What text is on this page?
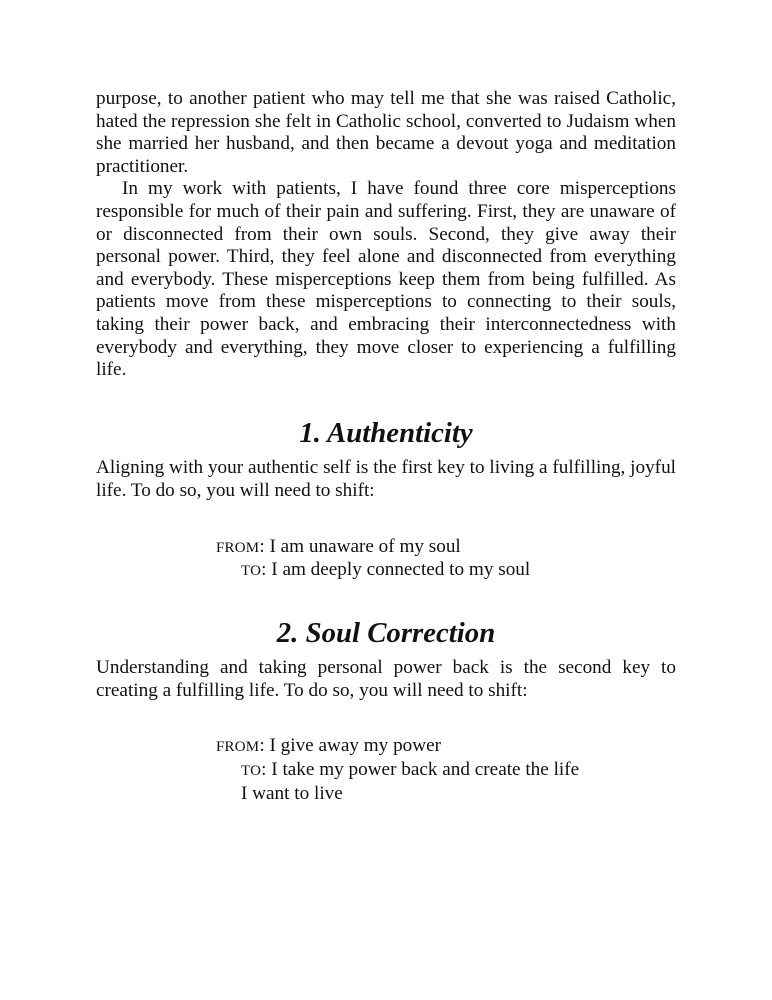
purpose, to another patient who may tell me that she was raised Catholic, hated the repression she felt in Catholic school, converted to Judaism when she married her husband, and then became a devout yoga and meditation practitioner.

In my work with patients, I have found three core misperceptions responsible for much of their pain and suffering. First, they are unaware of or disconnected from their own souls. Second, they give away their personal power. Third, they feel alone and disconnected from everything and everybody. These misperceptions keep them from being fulfilled. As patients move from these misperceptions to connecting to their souls, taking their power back, and embracing their interconnectedness with everybody and everything, they move closer to experiencing a fulfilling life.

1. Authenticity

Aligning with your authentic self is the first key to living a fulfilling, joyful life. To do so, you will need to shift:

FROM: I am unaware of my soul
TO: I am deeply connected to my soul
2. Soul Correction

Understanding and taking personal power back is the second key to creating a fulfilling life. To do so, you will need to shift:

FROM: I give away my power
TO: I take my power back and create the life
I want to live
